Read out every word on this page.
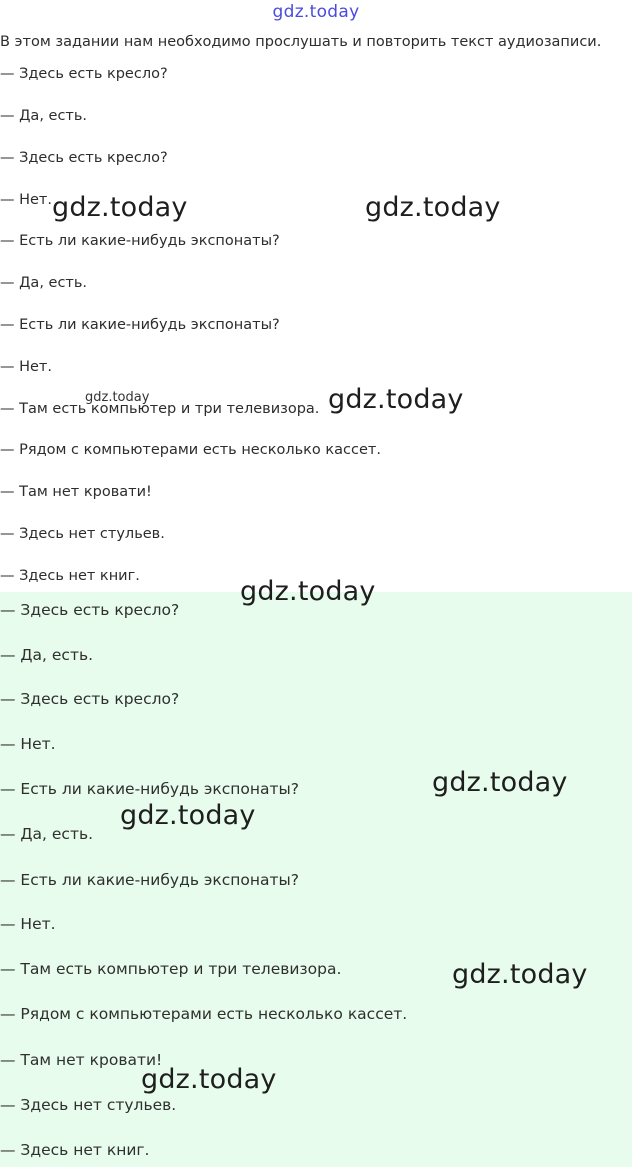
gdz.today
В этом задании нам необходимо прослушать и повторить текст аудиозаписи.
— Здесь есть кресло?
— Да, есть.
— Здесь есть кресло?
— Нет.
— Есть ли какие-нибудь экспонаты?
— Да, есть.
— Есть ли какие-нибудь экспонаты?
— Нет.
— Там есть компьютер и три телевизора.
— Рядом с компьютерами есть несколько кассет.
— Там нет кровати!
— Здесь нет стульев.
— Здесь нет книг.
— Здесь есть кресло?
— Да, есть.
— Здесь есть кресло?
— Нет.
— Есть ли какие-нибудь экспонаты?
— Да, есть.
— Есть ли какие-нибудь экспонаты?
— Нет.
— Там есть компьютер и три телевизора.
— Рядом с компьютерами есть несколько кассет.
— Там нет кровати!
— Здесь нет стульев.
— Здесь нет книг.
gdz.today	gdz.today
gdz.today	gdz.today
gdz.today
gdz.today
gdz.today
gdz.today
gdz.today
